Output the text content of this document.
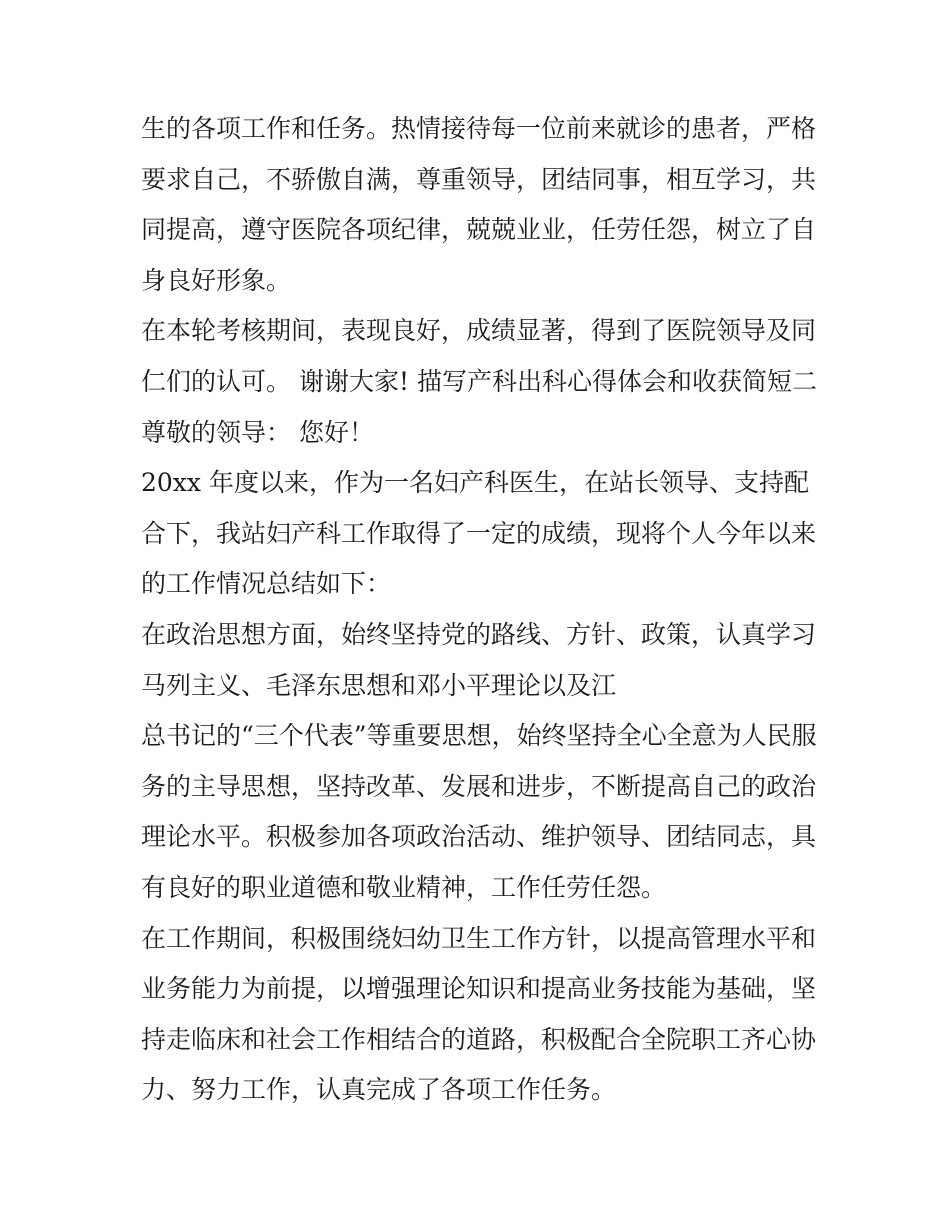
生的各项工作和任务。热情接待每一位前来就诊的患者，严格
要求自己，不骄傲自满，尊重领导，团结同事，相互学习，共
同提高，遵守医院各项纪律，兢兢业业，任劳任怨，树立了自
身良好形象。
在本轮考核期间，表现良好，成绩显著，得到了医院领导及同
仁们的认可。 谢谢大家! 描写产科出科心得体会和收获简短二
尊敬的领导： 您好！
20xx 年度以来，作为一名妇产科医生，在站长领导、支持配
合下，我站妇产科工作取得了一定的成绩，现将个人今年以来
的工作情况总结如下：
在政治思想方面，始终坚持党的路线、方针、政策，认真学习
马列主义、毛泽东思想和邓小平理论以及江
总书记的“三个代表”等重要思想，始终坚持全心全意为人民服
务的主导思想，坚持改革、发展和进步，不断提高自己的政治
理论水平。积极参加各项政治活动、维护领导、团结同志，具
有良好的职业道德和敬业精神，工作任劳任怨。
在工作期间，积极围绕妇幼卫生工作方针，以提高管理水平和
业务能力为前提，以增强理论知识和提高业务技能为基础，坚
持走临床和社会工作相结合的道路，积极配合全院职工齐心协
力、努力工作，认真完成了各项工作任务。
